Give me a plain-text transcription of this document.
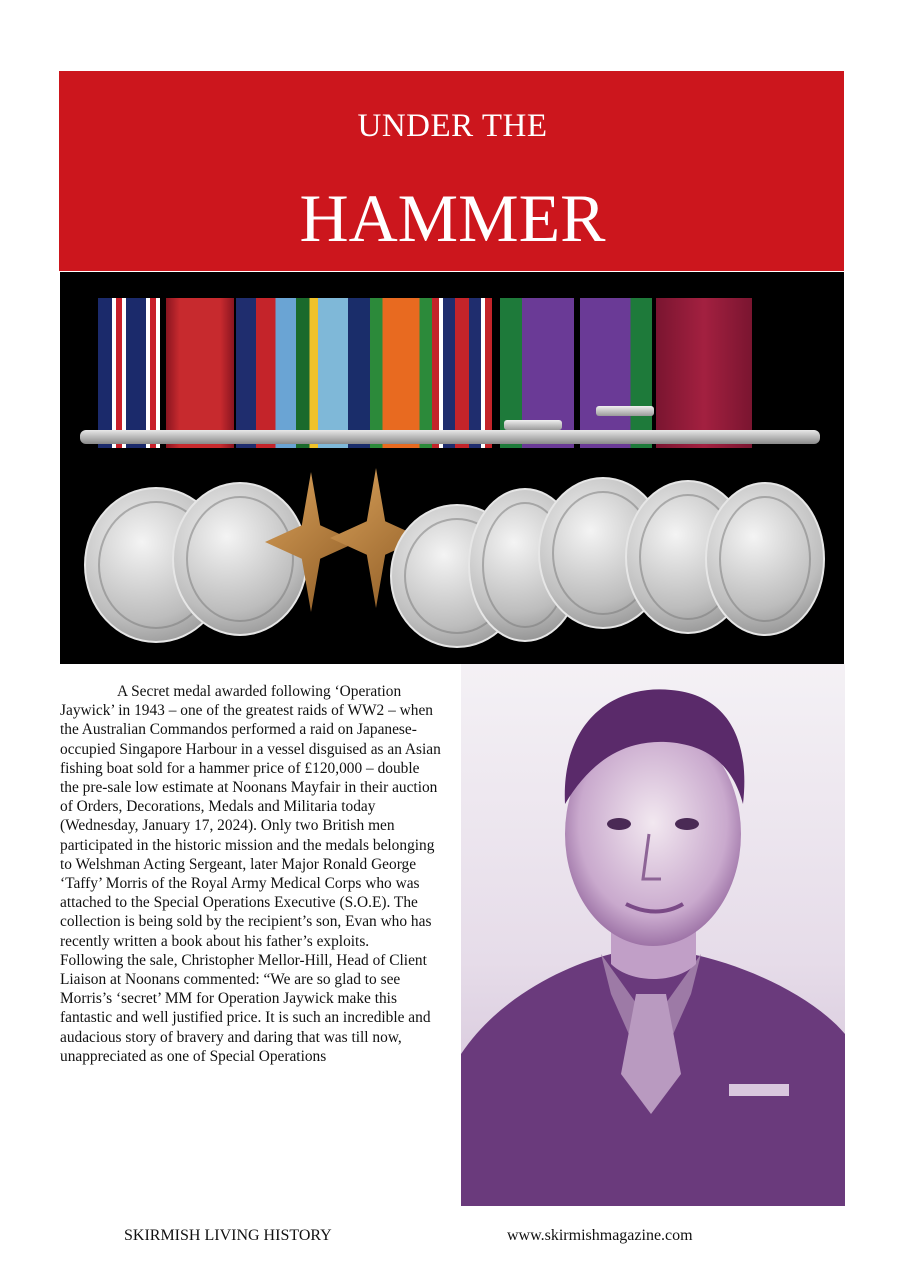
UNDER THE
HAMMER

A Secret medal awarded following ‘Operation Jaywick’ in 1943 – one of the greatest raids of WW2 – when the Australian Commandos performed a raid on Japanese-occupied Singapore Harbour in a vessel disguised as an Asian fishing boat sold for a hammer price of £120,000 – double the pre-sale low estimate at Noonans Mayfair in their auction of Orders, Decorations, Medals and Militaria today (Wednesday, January 17, 2024). Only two British men participated in the historic mission and the medals belonging to Welshman Acting Sergeant, later Major Ronald George ‘Taffy’ Morris of the Royal Army Medical Corps who was attached to the Special Operations Executive (S.O.E). The collection is being sold by the recipient’s son, Evan who has recently written a book about his father’s exploits.

Following the sale, Christopher Mellor-Hill, Head of Client Liaison at Noonans commented: “We are so glad to see Morris’s ‘secret’ MM for Operation Jaywick make this fantastic and well justified price. It is such an incredible and audacious story of bravery and daring that was till now, unappreciated as one of Special Operations

SKIRMISH LIVING HISTORY	www.skirmishmagazine.com
